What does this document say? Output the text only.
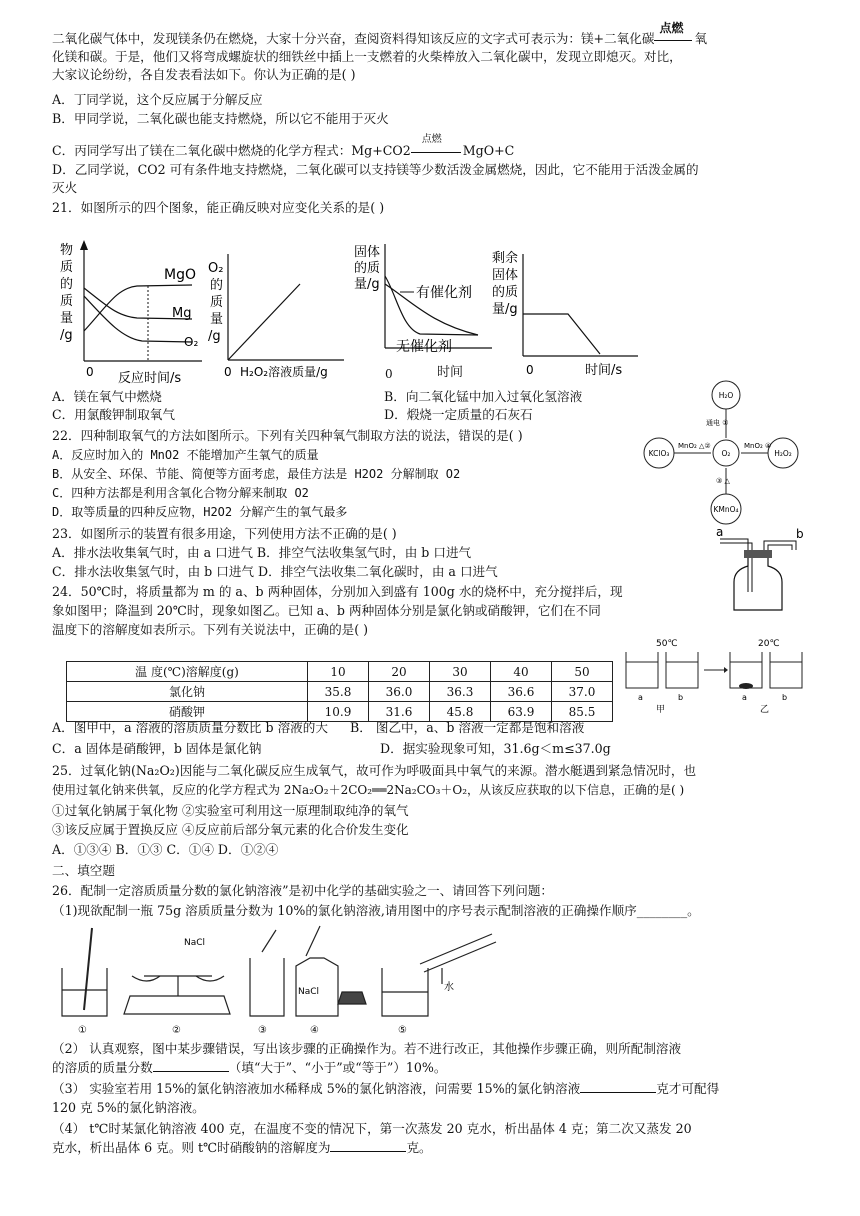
二氧化碳气体中，发现镁条仍在燃烧，大家十分兴奋，查阅资料得知该反应的文字式可表示为：镁+二氧化碳
点燃
氧
化镁和碳。于是，他们又将弯成螺旋状的细铁丝中插上一支燃着的火柴棒放入二氧化碳中，发现立即熄灭。对比，
大家议论纷纷，各自发表看法如下。你认为正确的是( )
A．丁同学说，这个反应属于分解反应
B．甲同学说，二氧化碳也能支持燃烧，所以它不能用于灭火
C．丙同学写出了镁在二氧化碳中燃烧的化学方程式：Mg+CO2
点燃
MgO+C
D．乙同学说，CO2 可有条件地支持燃烧，二氧化碳可以支持镁等少数活泼金属燃烧，因此，它不能用于活泼金属的
灭火
21．如图所示的四个图象，能正确反映对应变化关系的是( )
物
质
的
质
量
/g
MgO
Mg
O₂
0 反应时间/s
O₂
的
质
量
/g
0 H₂O₂溶液质量/g
固体
的质
量/g
有催化剂
无催化剂
0	时间
剩余
固体
的质
量/g
0	时间/s
A．镁在氧气中燃烧	B．向二氧化锰中加入过氧化氢溶液
C．用氯酸钾制取氧气	D．煅烧一定质量的石灰石
22．四种制取氧气的方法如图所示。下列有关四种氧气制取方法的说法，错误的是( )
A．反应时加入的 MnO2 不能增加产生氧气的质量
B．从安全、环保、节能、简便等方面考虑，最佳方法是 H2O2 分解制取 O2
C．四种方法都是利用含氧化合物分解来制取 O2
D．取等质量的四种反应物，H2O2 分解产生的氧气最多
H₂O
O₂
KClO₃	H₂O₂
KMnO₄
通电 ①
MnO₂ △②	MnO₂ ④
③ △
23．如图所示的装置有很多用途，下列使用方法不正确的是( )
A．排水法收集氧气时，由 a 口进气 B．排空气法收集氢气时，由 b 口进气
C．排水法收集氢气时，由 b 口进气 D．排空气法收集二氧化碳时，由 a 口进气
a	b
24．50℃时，将质量都为 m 的 a、b 两种固体，分别加入到盛有 100g 水的烧杯中，充分搅拌后，现
象如图甲；降温到 20℃时，现象如图乙。已知 a、b 两种固体分别是氯化钠或硝酸钾，它们在不同
温度下的溶解度如表所示。下列有关说法中，正确的是( )
温 度(℃)溶解度(g)	10	20	30	40	50
氯化钠	35.8	36.0	36.3	36.6	37.0
硝酸钾	10.9	31.6	45.8	63.9	85.5
50℃	20℃
a	b	a	b
甲	乙
A．图甲中，a 溶液的溶质质量分数比 b 溶液的大 B． 图乙中，a、b 溶液一定都是饱和溶液
C．a 固体是硝酸钾，b 固体是氯化钠	D．据实验现象可知，31.6g＜m≤37.0g
25．过氧化钠(Na₂O₂)因能与二氧化碳反应生成氧气，故可作为呼吸面具中氧气的来源。潜水艇遇到紧急情况时，也
使用过氧化钠来供氧，反应的化学方程式为 2Na₂O₂＋2CO₂══2Na₂CO₃＋O₂，从该反应获取的以下信息，正确的是( )
①过氧化钠属于氧化物 ②实验室可利用这一原理制取纯净的氧气
③该反应属于置换反应 ④反应前后部分氧元素的化合价发生变化
A．①③④ B．①③ C．①④ D．①②④
二、填空题
26．配制一定溶质质量分数的氯化钠溶液”是初中化学的基础实验之一、请回答下列问题：
（1)现欲配制一瓶 75g 溶质质量分数为 10%的氯化钠溶液,请用图中的序号表示配制溶液的正确操作顺序________。
NaCl
NaCl	水
①	②	③	④	⑤
（2） 认真观察，图中某步骤错误，写出该步骤的正确操作为。若不进行改正，其他操作步骤正确，则所配制溶液
的溶质的质量分数	（填“大于”、“小于”或“等于”）10%。
（3） 实验室若用 15%的氯化钠溶液加水稀释成 5%的氯化钠溶液，问需要 15%的氯化钠溶液	克才可配得
120 克 5%的氯化钠溶液。
（4） t℃时某氯化钠溶液 400 克，在温度不变的情况下，第一次蒸发 20 克水，析出晶体 4 克；第二次又蒸发 20
克水，析出晶体 6 克。则 t℃时硝酸钠的溶解度为	克。
